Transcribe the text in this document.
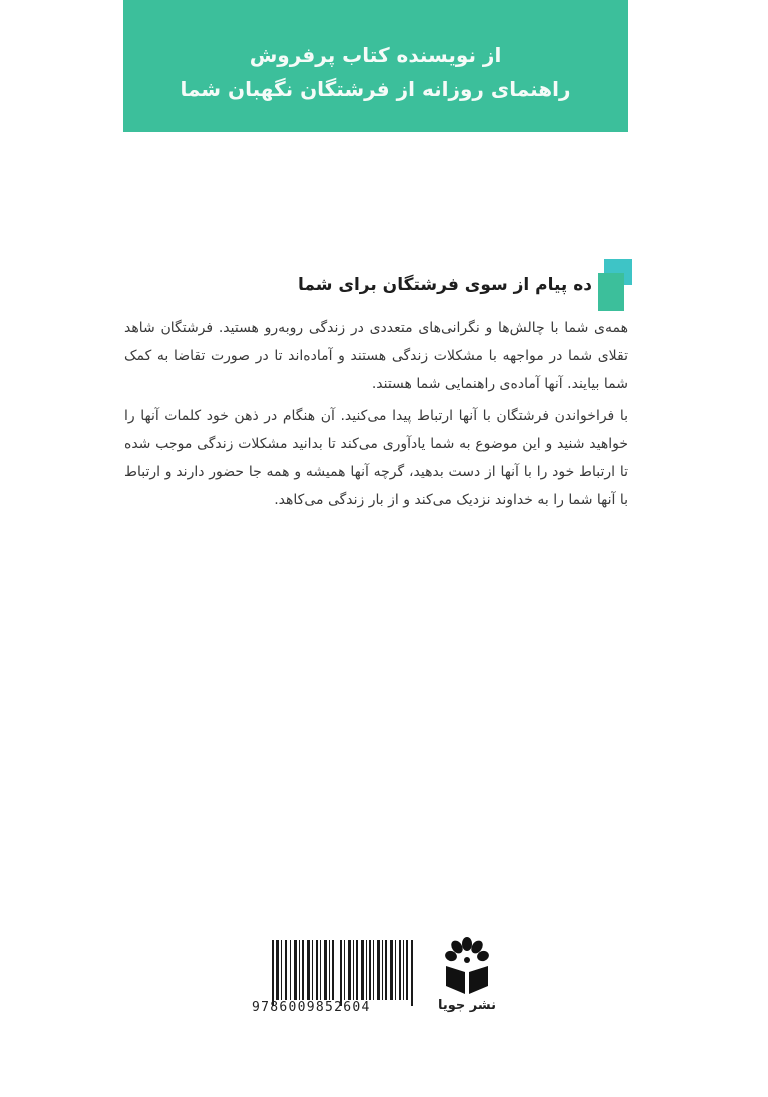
از نویسنده کتاب پرفروش
راهنمای روزانه از فرشتگان نگهبان شما
ده پیام از سوی فرشتگان برای شما

همه‌ی شما با چالش‌ها و نگرانی‌های متعددی در زندگی روبه‌رو هستید. فرشتگان شاهد تقلای شما در مواجهه با مشکلات زندگی هستند و آماده‌اند تا در صورت تقاضا به کمک شما بیایند. آنها آماده‌ی راهنمایی شما هستند.

با فراخواندن فرشتگان با آنها ارتباط پیدا می‌کنید. آن هنگام در ذهن خود کلمات آنها را خواهید شنید و این موضوع به شما یادآوری می‌کند تا بدانید مشکلات زندگی موجب شده تا ارتباط خود را با آنها از دست بدهید، گرچه آنها همیشه و همه جا حضور دارند و ارتباط با آنها شما را به خداوند نزدیک می‌کند و از بار زندگی می‌کاهد.

9786009852604	نشر جویا
